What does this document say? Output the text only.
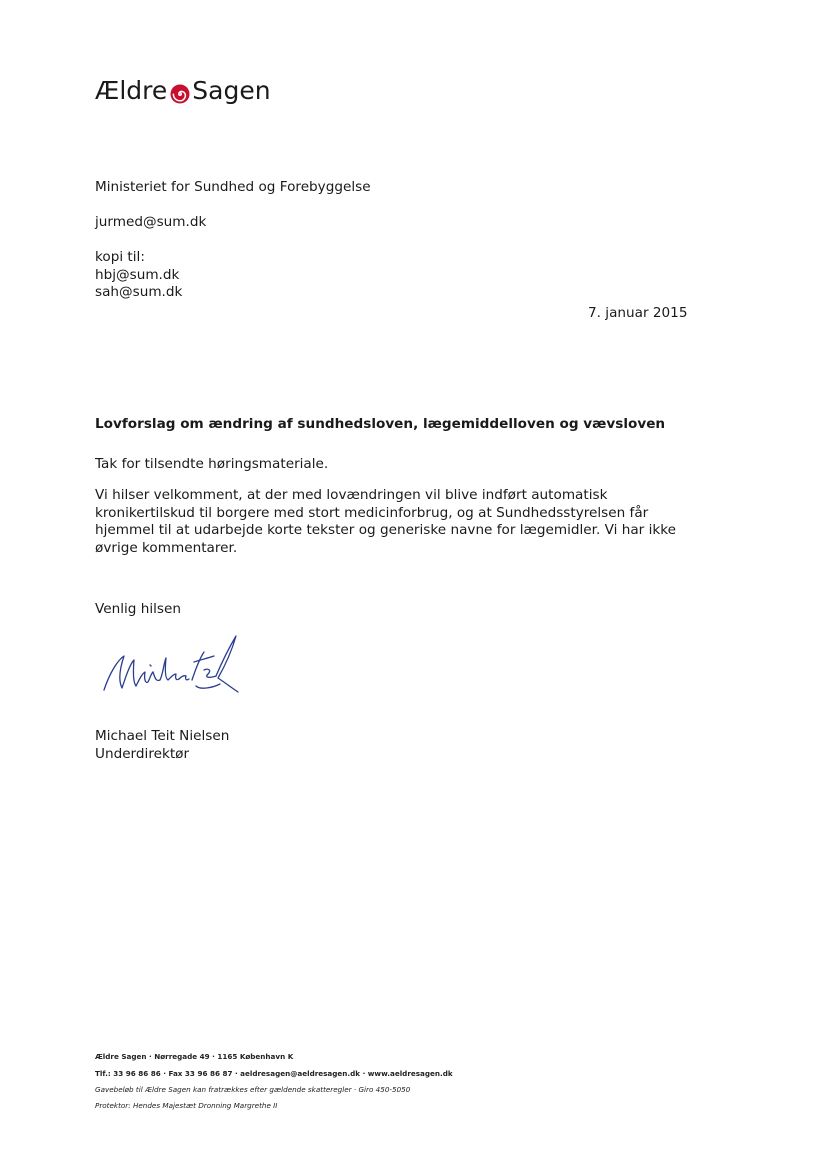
Ældre Sagen
Ministeriet for Sundhed og Forebyggelse
jurmed@sum.dk
kopi til:
hbj@sum.dk
sah@sum.dk
7. januar 2015
Lovforslag om ændring af sundhedsloven, lægemiddelloven og vævsloven
Tak for tilsendte høringsmateriale.
Vi hilser velkomment, at der med lovændringen vil blive indført automatisk
kronikertilskud til borgere med stort medicinforbrug, og at Sundhedsstyrelsen får
hjemmel til at udarbejde korte tekster og generiske navne for lægemidler. Vi har ikke
øvrige kommentarer.
Venlig hilsen
Michael Teit Nielsen
Underdirektør
Ældre Sagen · Nørregade 49 · 1165 København K
Tlf.: 33 96 86 86 · Fax 33 96 86 87 · aeldresagen@aeldresagen.dk · www.aeldresagen.dk
Gavebeløb til Ældre Sagen kan fratrækkes efter gældende skatteregler · Giro 450-5050
Protektor: Hendes Majestæt Dronning Margrethe II
